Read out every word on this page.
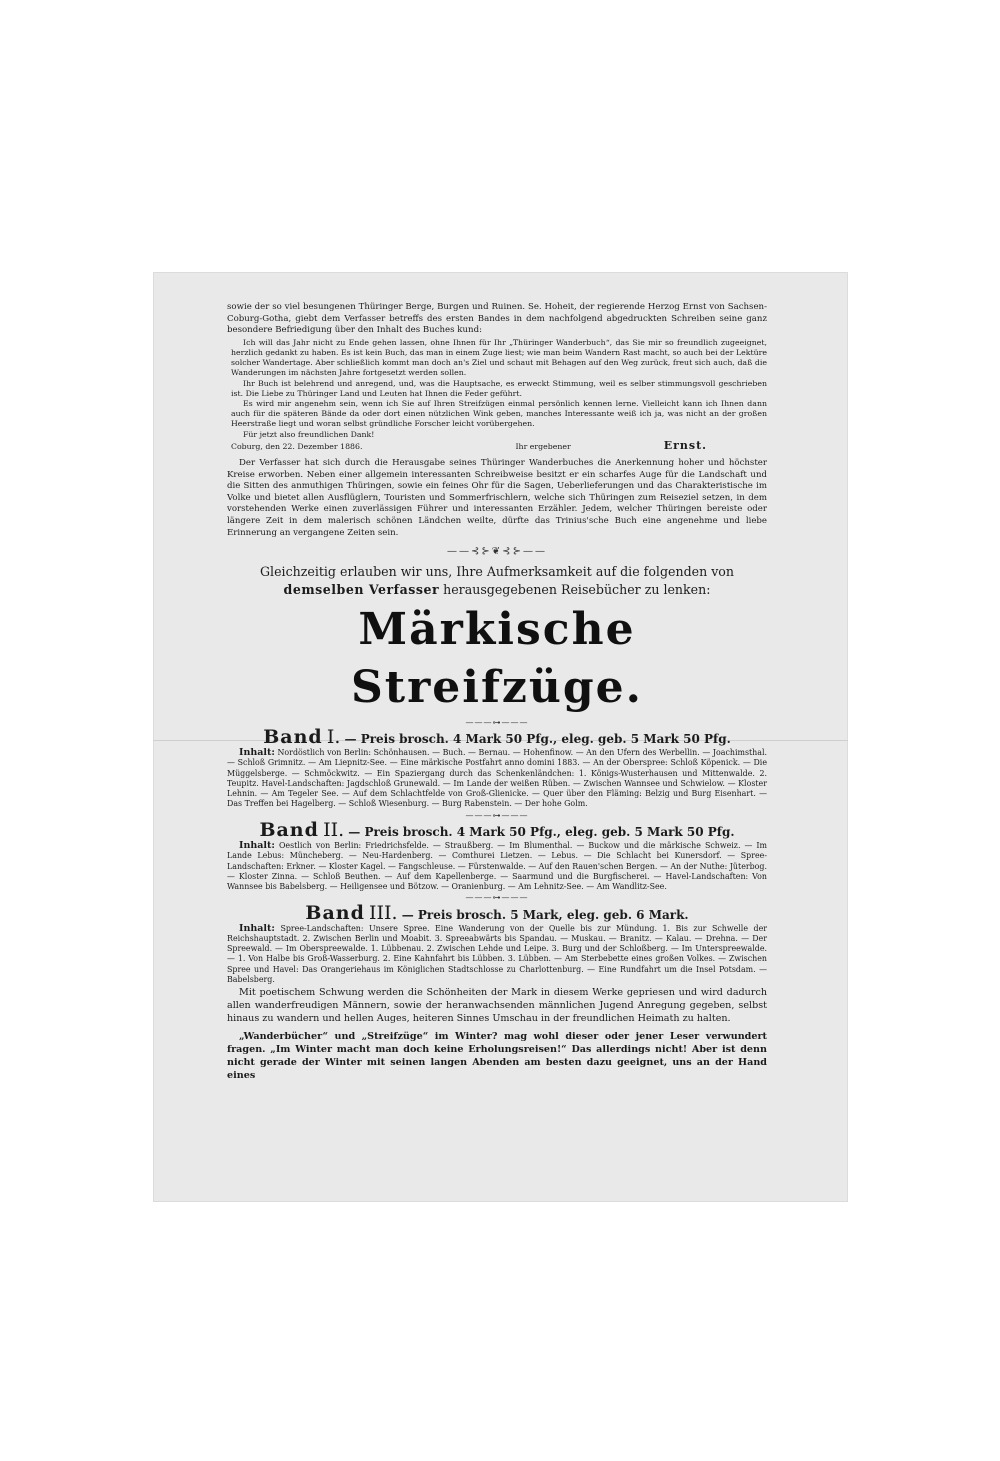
sowie der so viel besungenen Thüringer Berge, Burgen und Ruinen. Se. Hoheit, der regierende Herzog Ernst von Sachsen-Coburg-Gotha, giebt dem Verfasser betreffs des ersten Bandes in dem nachfolgend abgedruckten Schreiben seine ganz besondere Befriedigung über den Inhalt des Buches kund:

Ich will das Jahr nicht zu Ende gehen lassen, ohne Ihnen für Ihr „Thüringer Wanderbuch“, das Sie mir so freundlich zugeeignet, herzlich gedankt zu haben. Es ist kein Buch, das man in einem Zuge liest; wie man beim Wandern Rast macht, so auch bei der Lektüre solcher Wandertage. Aber schließlich kommt man doch an's Ziel und schaut mit Behagen auf den Weg zurück, freut sich auch, daß die Wanderungen im nächsten Jahre fortgesetzt werden sollen.

Ihr Buch ist belehrend und anregend, und, was die Hauptsache, es erweckt Stimmung, weil es selber stimmungsvoll geschrieben ist. Die Liebe zu Thüringer Land und Leuten hat Ihnen die Feder geführt.

Es wird mir angenehm sein, wenn ich Sie auf Ihren Streifzügen einmal persönlich kennen lerne. Vielleicht kann ich Ihnen dann auch für die späteren Bände da oder dort einen nützlichen Wink geben, manches Interessante weiß ich ja, was nicht an der großen Heerstraße liegt und woran selbst gründliche Forscher leicht vorübergehen.

Für jetzt also freundlichen Dank!

Coburg, den 22. Dezember 1886.	Ihr ergebener	Ernst.

Der Verfasser hat sich durch die Herausgabe seines Thüringer Wanderbuches die Anerkennung hoher und höchster Kreise erworben. Neben einer allgemein interessanten Schreibweise besitzt er ein scharfes Auge für die Landschaft und die Sitten des anmuthigen Thüringen, sowie ein feines Ohr für die Sagen, Ueberlieferungen und das Charakteristische im Volke und bietet allen Ausflüglern, Touristen und Sommerfrischlern, welche sich Thüringen zum Reiseziel setzen, in dem vorstehenden Werke einen zuverlässigen Führer und interessanten Erzähler. Jedem, welcher Thüringen bereiste oder längere Zeit in dem malerisch schönen Ländchen weilte, dürfte das Trinius'sche Buch eine angenehme und liebe Erinnerung an vergangene Zeiten sein.

——⊰⊱❦⊰⊱——

Gleichzeitig erlauben wir uns, Ihre Aufmerksamkeit auf die folgenden von demselben Verfasser herausgegebenen Reisebücher zu lenken:

Märkische Streifzüge.
———⊶———
Band I. — Preis brosch. 4 Mark 50 Pfg., eleg. geb. 5 Mark 50 Pfg.

Inhalt: Nordöstlich von Berlin: Schönhausen. — Buch. — Bernau. — Hohenfinow. — An den Ufern des Werbellin. — Joachimsthal. — Schloß Grimnitz. — Am Liepnitz-See. — Eine märkische Postfahrt anno domini 1883. — An der Oberspree: Schloß Köpenick. — Die Müggelsberge. — Schmöckwitz. — Ein Spaziergang durch das Schenkenländchen: 1. Königs-Wusterhausen und Mittenwalde. 2. Teupitz. Havel-Landschaften: Jagdschloß Grunewald. — Im Lande der weißen Rüben. — Zwischen Wannsee und Schwielow. — Kloster Lehnin. — Am Tegeler See. — Auf dem Schlachtfelde von Groß-Glienicke. — Quer über den Fläming: Belzig und Burg Eisenhart. — Das Treffen bei Hagelberg. — Schloß Wiesenburg. — Burg Rabenstein. — Der hohe Golm.

———⊶———
Band II. — Preis brosch. 4 Mark 50 Pfg., eleg. geb. 5 Mark 50 Pfg.

Inhalt: Oestlich von Berlin: Friedrichsfelde. — Straußberg. — Im Blumenthal. — Buckow und die märkische Schweiz. — Im Lande Lebus: Müncheberg. — Neu-Hardenberg. — Comthurei Lietzen. — Lebus. — Die Schlacht bei Kunersdorf. — Spree-Landschaften: Erkner. — Kloster Kagel. — Fangschleuse. — Fürstenwalde. — Auf den Rauen'schen Bergen. — An der Nuthe: Jüterbog. — Kloster Zinna. — Schloß Beuthen. — Auf dem Kapellenberge. — Saarmund und die Burgfischerei. — Havel-Landschaften: Von Wannsee bis Babelsberg. — Heiligensee und Bötzow. — Oranienburg. — Am Lehnitz-See. — Am Wandlitz-See.

———⊶———
Band III. — Preis brosch. 5 Mark, eleg. geb. 6 Mark.

Inhalt: Spree-Landschaften: Unsere Spree. Eine Wanderung von der Quelle bis zur Mündung. 1. Bis zur Schwelle der Reichshauptstadt. 2. Zwischen Berlin und Moabit. 3. Spreeabwärts bis Spandau. — Muskau. — Branitz. — Kalau. — Drehna. — Der Spreewald. — Im Oberspreewalde. 1. Lübbenau. 2. Zwischen Lehde und Leipe. 3. Burg und der Schloßberg. — Im Unterspreewalde. — 1. Von Halbe bis Groß-Wasserburg. 2. Eine Kahnfahrt bis Lübben. 3. Lübben. — Am Sterbebette eines großen Volkes. — Zwischen Spree und Havel: Das Orangeriehaus im Königlichen Stadtschlosse zu Charlottenburg. — Eine Rundfahrt um die Insel Potsdam. — Babelsberg.

Mit poetischem Schwung werden die Schönheiten der Mark in diesem Werke gepriesen und wird dadurch allen wanderfreudigen Männern, sowie der heranwachsenden männlichen Jugend Anregung gegeben, selbst hinaus zu wandern und hellen Auges, heiteren Sinnes Umschau in der freundlichen Heimath zu halten.

„Wanderbücher“ und „Streifzüge“ im Winter? mag wohl dieser oder jener Leser verwundert fragen. „Im Winter macht man doch keine Erholungsreisen!“ Das allerdings nicht! Aber ist denn nicht gerade der Winter mit seinen langen Abenden am besten dazu geeignet, uns an der Hand eines
